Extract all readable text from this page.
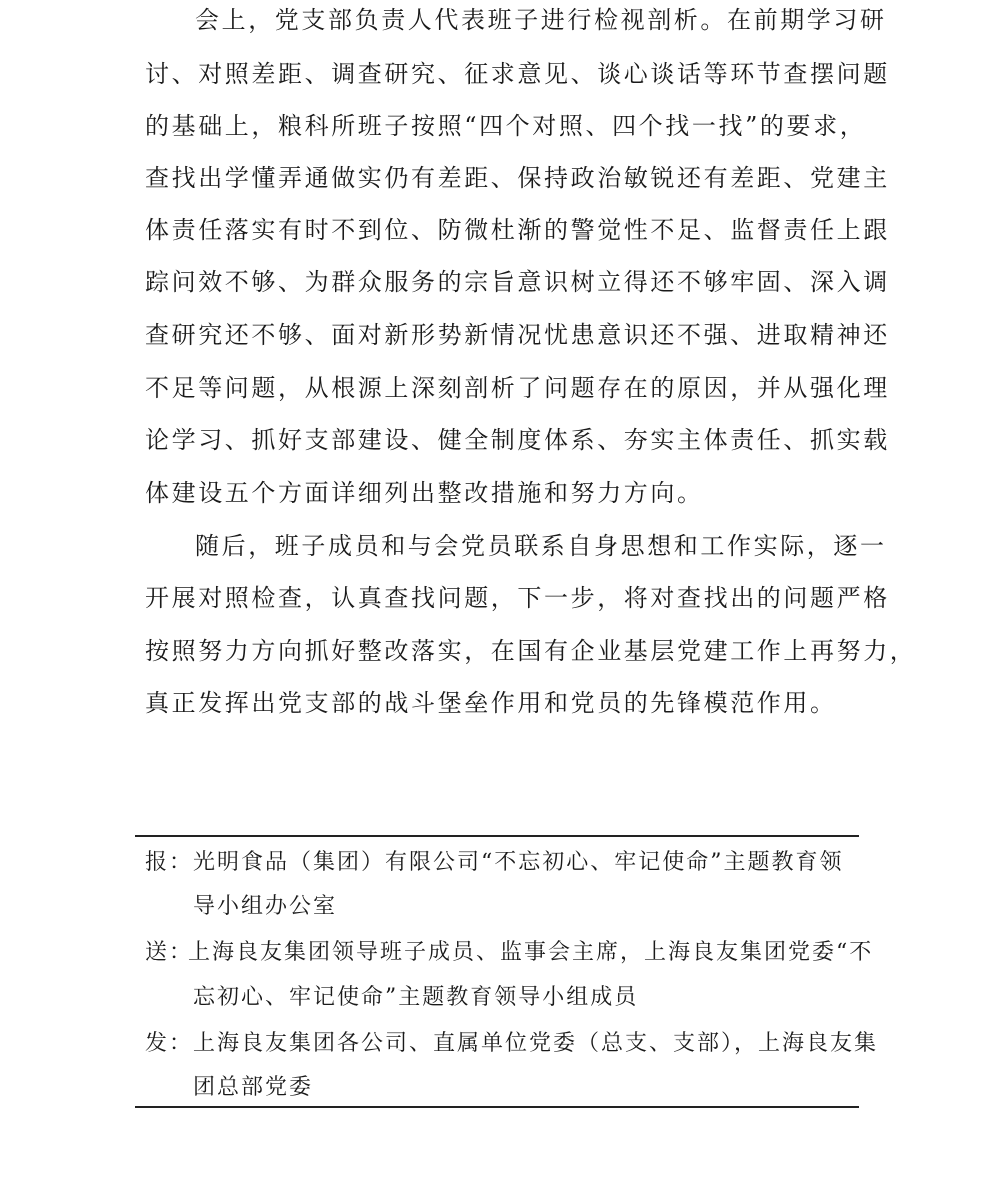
会上，党支部负责人代表班子进行检视剖析。在前期学习研
讨、对照差距、调查研究、征求意见、谈心谈话等环节查摆问题
的基础上，粮科所班子按照“四个对照、四个找一找”的要求，
查找出学懂弄通做实仍有差距、保持政治敏锐还有差距、党建主
体责任落实有时不到位、防微杜渐的警觉性不足、监督责任上跟
踪问效不够、为群众服务的宗旨意识树立得还不够牢固、深入调
查研究还不够、面对新形势新情况忧患意识还不强、进取精神还
不足等问题，从根源上深刻剖析了问题存在的原因，并从强化理
论学习、抓好支部建设、健全制度体系、夯实主体责任、抓实载
体建设五个方面详细列出整改措施和努力方向。
随后，班子成员和与会党员联系自身思想和工作实际，逐一
开展对照检查，认真查找问题，下一步，将对查找出的问题严格
按照努力方向抓好整改落实，在国有企业基层党建工作上再努力，
真正发挥出党支部的战斗堡垒作用和党员的先锋模范作用。
报： 光明食品（集团）有限公司“不忘初心、牢记使命”主题教育领
导小组办公室
送：
上海良友集团领导班子成员、监事会主席，上海良友集团党委“不
忘初心、牢记使命”主题教育领导小组成员
发： 上海良友集团各公司、直属单位党委（总支、支部），上海良友集
团总部党委
